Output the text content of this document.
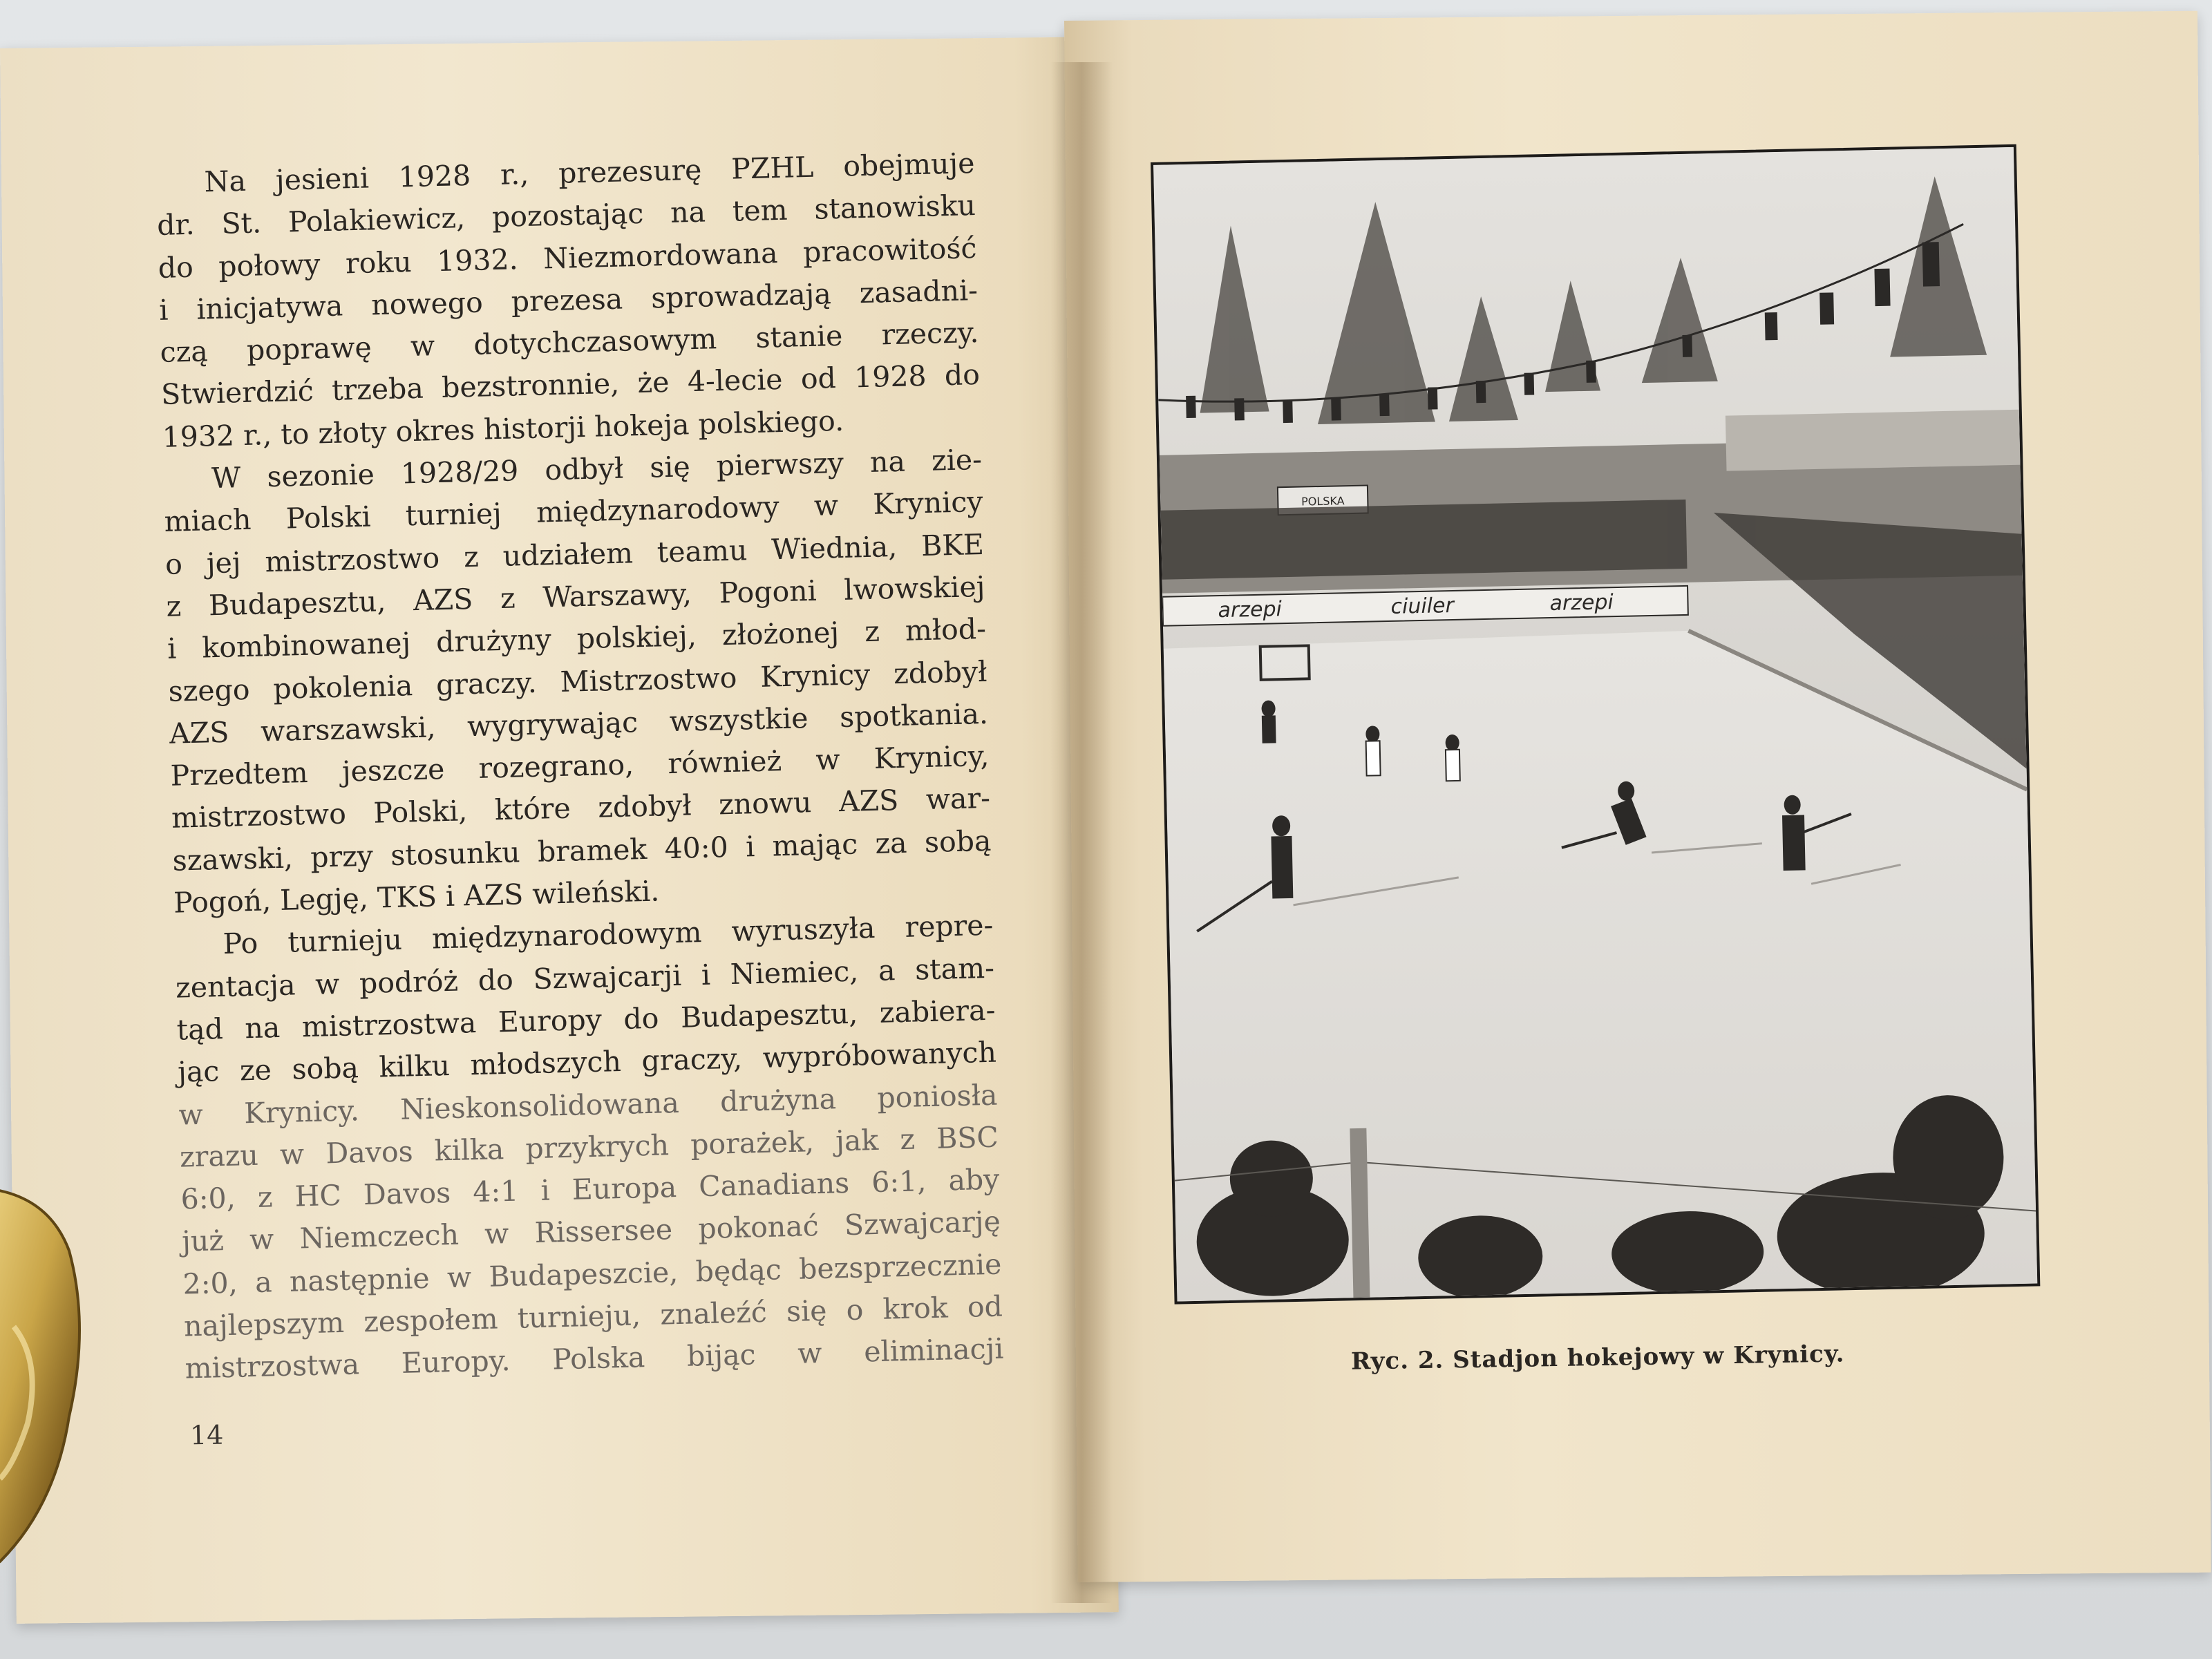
Na jesieni 1928 r., prezesurę PZHL obejmuje
dr. St. Polakiewicz, pozostając na tem stanowisku
do połowy roku 1932. Niezmordowana pracowitość
i inicjatywa nowego prezesa sprowadzają zasadni-
czą poprawę w dotychczasowym stanie rzeczy.
Stwierdzić trzeba bezstronnie, że 4-lecie od 1928 do
1932 r., to złoty okres historji hokeja polskiego.
W sezonie 1928/29 odbył się pierwszy na zie-
miach Polski turniej międzynarodowy w Krynicy
o jej mistrzostwo z udziałem teamu Wiednia, BKE
z Budapesztu, AZS z Warszawy, Pogoni lwowskiej
i kombinowanej drużyny polskiej, złożonej z młod-
szego pokolenia graczy. Mistrzostwo Krynicy zdobył
AZS warszawski, wygrywając wszystkie spotkania.
Przedtem jeszcze rozegrano, również w Krynicy,
mistrzostwo Polski, które zdobył znowu AZS war-
szawski, przy stosunku bramek 40:0 i mając za sobą
Pogoń, Legję, TKS i AZS wileński.
Po turnieju międzynarodowym wyruszyła repre-
zentacja w podróż do Szwajcarji i Niemiec, a stam-
tąd na mistrzostwa Europy do Budapesztu, zabiera-
jąc ze sobą kilku młodszych graczy, wypróbowanych
w Krynicy. Nieskonsolidowana drużyna poniosła
zrazu w Davos kilka przykrych porażek, jak z BSC
6:0, z HC Davos 4:1 i Europa Canadians 6:1, aby
już w Niemczech w Rissersee pokonać Szwajcarję
2:0, a następnie w Budapeszcie, będąc bezsprzecznie
najlepszym zespołem turnieju, znaleźć się o krok od
mistrzostwa Europy. Polska bijąc w eliminacji
14
POLSKA
arzepi	ciuiler	arzepi
Ryc. 2. Stadjon hokejowy w Krynicy.
